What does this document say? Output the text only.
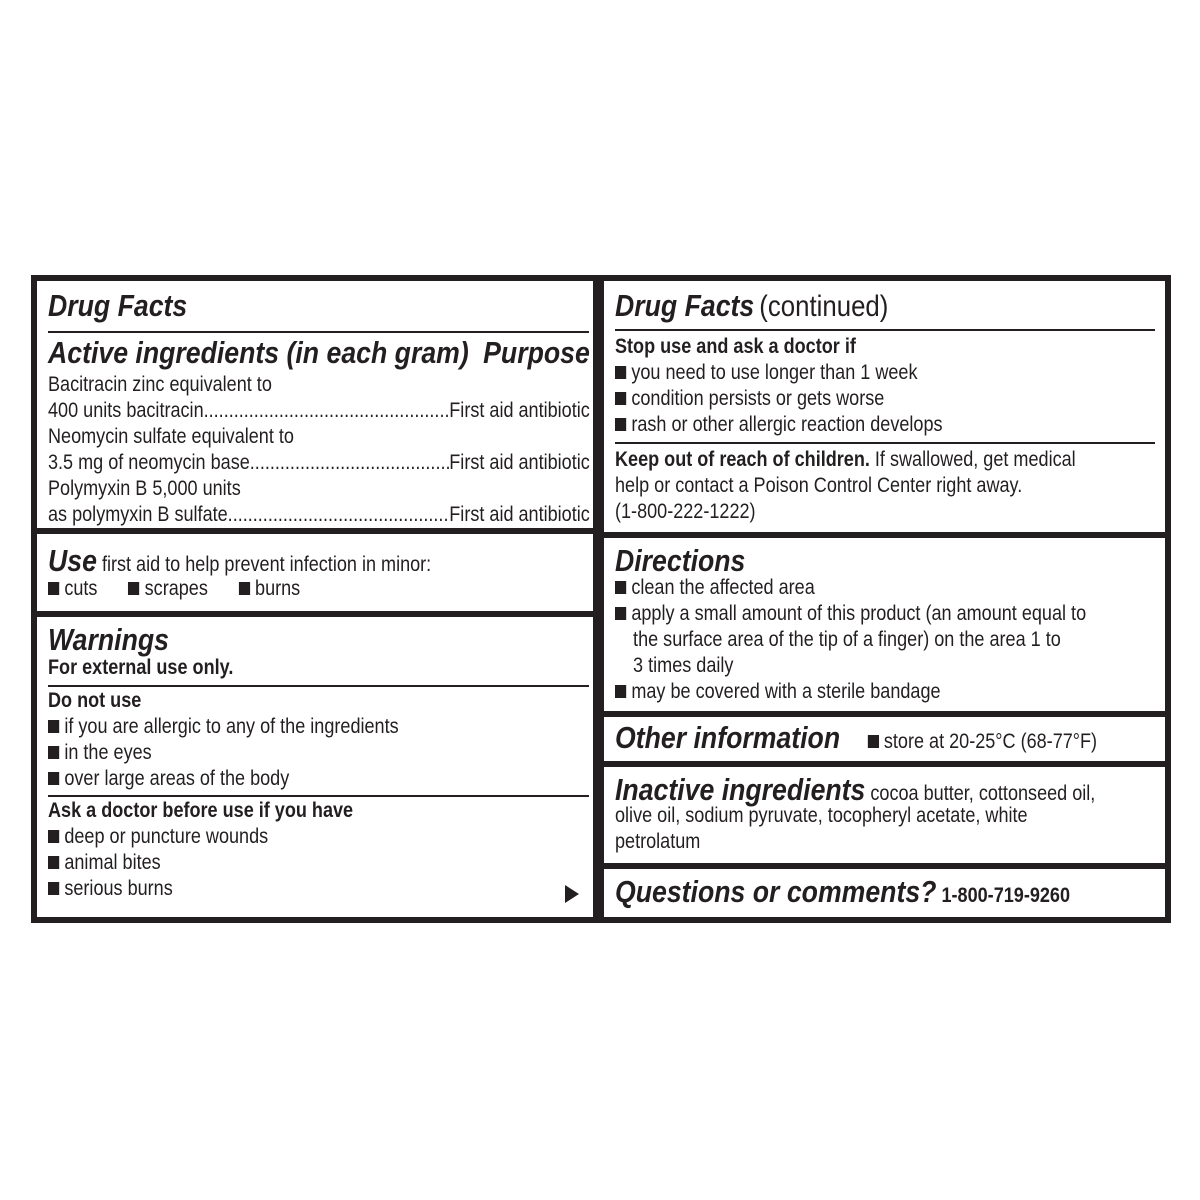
Drug Facts
Active ingredients (in each gram) Purpose
Bacitracin zinc equivalent to
400 units bacitracin .....	First aid antibiotic
Neomycin sulfate equivalent to
3.5 mg of neomycin base .....	First aid antibiotic
Polymyxin B 5,000 units
as polymyxin B sulfate .....	First aid antibiotic
Use first aid to help prevent infection in minor:
cuts scrapes burns
Warnings
For external use only.
Do not use
if you are allergic to any of the ingredients
in the eyes
over large areas of the body
Ask a doctor before use if you have
deep or puncture wounds
animal bites
serious burns
Drug Facts (continued)
Stop use and ask a doctor if
you need to use longer than 1 week
condition persists or gets worse
rash or other allergic reaction develops
Keep out of reach of children. If swallowed, get medical
help or contact a Poison Control Center right away.
(1-800-222-1222)
Directions
clean the affected area
apply a small amount of this product (an amount equal to
the surface area of the tip of a finger) on the area 1 to
3 times daily
may be covered with a sterile bandage
Other information store at 20-25°C (68-77°F)
Inactive ingredients cocoa butter, cottonseed oil,
olive oil, sodium pyruvate, tocopheryl acetate, white
petrolatum
Questions or comments? 1-800-719-9260
